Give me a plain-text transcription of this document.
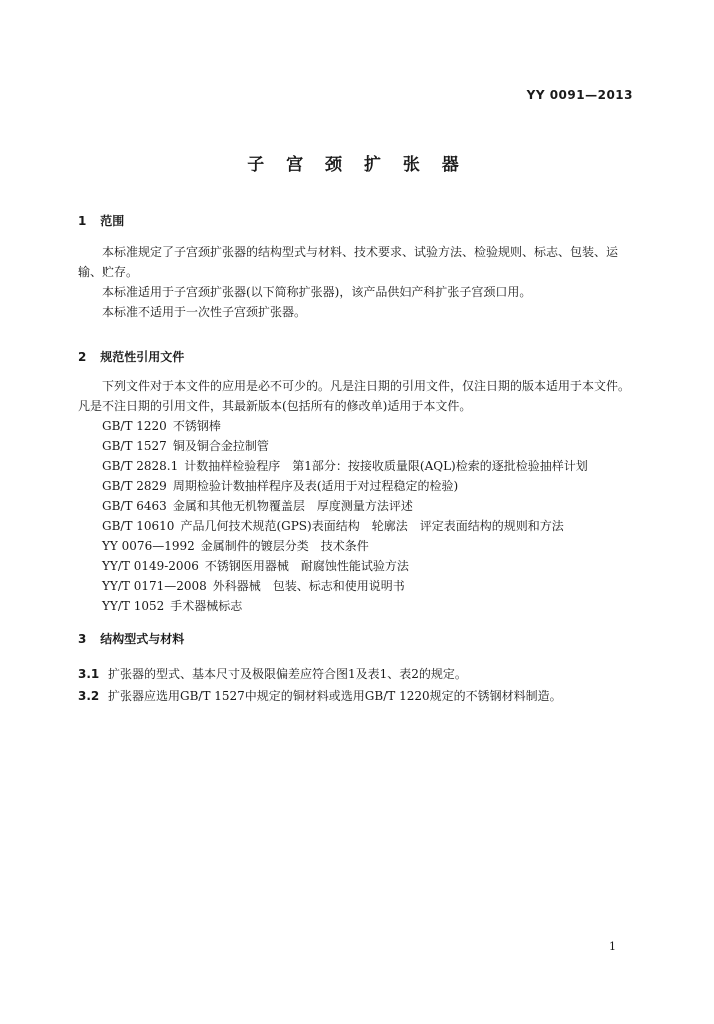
YY 0091—2013
子 宫 颈 扩 张 器
1 范围

本标准规定了子宫颈扩张器的结构型式与材料、技术要求、试验方法、检验规则、标志、包装、运输、贮存。

本标准适用于子宫颈扩张器(以下简称扩张器)，该产品供妇产科扩张子宫颈口用。

本标准不适用于一次性子宫颈扩张器。

2 规范性引用文件

下列文件对于本文件的应用是必不可少的。凡是注日期的引用文件，仅注日期的版本适用于本文件。凡是不注日期的引用文件，其最新版本(包括所有的修改单)适用于本文件。

GB/T 1220 不锈钢棒
GB/T 1527 铜及铜合金拉制管
GB/T 2828.1 计数抽样检验程序　第1部分：按接收质量限(AQL)检索的逐批检验抽样计划
GB/T 2829 周期检验计数抽样程序及表(适用于对过程稳定的检验)
GB/T 6463 金属和其他无机物覆盖层　厚度测量方法评述
GB/T 10610 产品几何技术规范(GPS)表面结构　轮廓法　评定表面结构的规则和方法
YY 0076—1992 金属制件的镀层分类　技术条件
YY/T 0149-2006 不锈钢医用器械　耐腐蚀性能试验方法
YY/T 0171—2008 外科器械　包装、标志和使用说明书
YY/T 1052 手术器械标志
3 结构型式与材料
3.1 扩张器的型式、基本尺寸及极限偏差应符合图1及表1、表2的规定。
3.2 扩张器应选用GB/T 1527中规定的铜材料或选用GB/T 1220规定的不锈钢材料制造。
1
